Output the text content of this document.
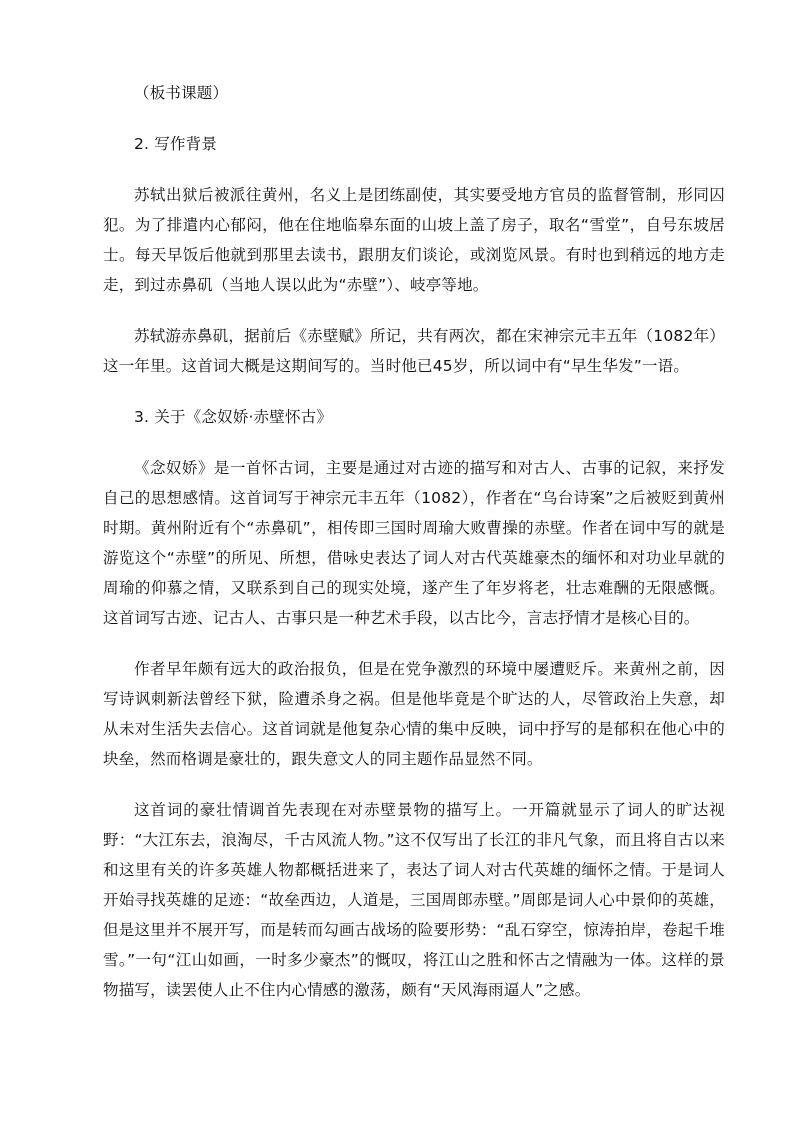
（板书课题）

2. 写作背景

苏轼出狱后被派往黄州，名义上是团练副使，其实要受地方官员的监督管制，形同囚犯。为了排遣内心郁闷，他在住地临皋东面的山坡上盖了房子，取名“雪堂”，自号东坡居士。每天早饭后他就到那里去读书，跟朋友们谈论，或浏览风景。有时也到稍远的地方走走，到过赤鼻矶（当地人误以此为“赤壁”）、岐亭等地。

苏轼游赤鼻矶，据前后《赤壁赋》所记，共有两次，都在宋神宗元丰五年（1082年）这一年里。这首词大概是这期间写的。当时他已45岁，所以词中有“早生华发”一语。

3. 关于《念奴娇·赤壁怀古》

《念奴娇》是一首怀古词，主要是通过对古迹的描写和对古人、古事的记叙，来抒发自己的思想感情。这首词写于神宗元丰五年（1082），作者在“乌台诗案”之后被贬到黄州时期。黄州附近有个“赤鼻矶”，相传即三国时周瑜大败曹操的赤壁。作者在词中写的就是游览这个“赤壁”的所见、所想，借咏史表达了词人对古代英雄豪杰的缅怀和对功业早就的周瑜的仰慕之情，又联系到自己的现实处境，遂产生了年岁将老，壮志难酬的无限感慨。这首词写古迹、记古人、古事只是一种艺术手段，以古比今，言志抒情才是核心目的。

作者早年颇有远大的政治报负，但是在党争激烈的环境中屡遭贬斥。来黄州之前，因写诗讽刺新法曾经下狱，险遭杀身之祸。但是他毕竟是个旷达的人，尽管政治上失意，却从未对生活失去信心。这首词就是他复杂心情的集中反映，词中抒写的是郁积在他心中的块垒，然而格调是豪壮的，跟失意文人的同主题作品显然不同。

这首词的豪壮情调首先表现在对赤壁景物的描写上。一开篇就显示了词人的旷达视野：“大江东去，浪淘尽，千古风流人物。”这不仅写出了长江的非凡气象，而且将自古以来和这里有关的许多英雄人物都概括进来了，表达了词人对古代英雄的缅怀之情。于是词人开始寻找英雄的足迹：“故垒西边，人道是，三国周郎赤壁。”周郎是词人心中景仰的英雄，但是这里并不展开写，而是转而勾画古战场的险要形势：“乱石穿空，惊涛拍岸，卷起千堆雪。”一句“江山如画，一时多少豪杰”的慨叹，将江山之胜和怀古之情融为一体。这样的景物描写，读罢使人止不住内心情感的激荡，颇有“天风海雨逼人”之感。
